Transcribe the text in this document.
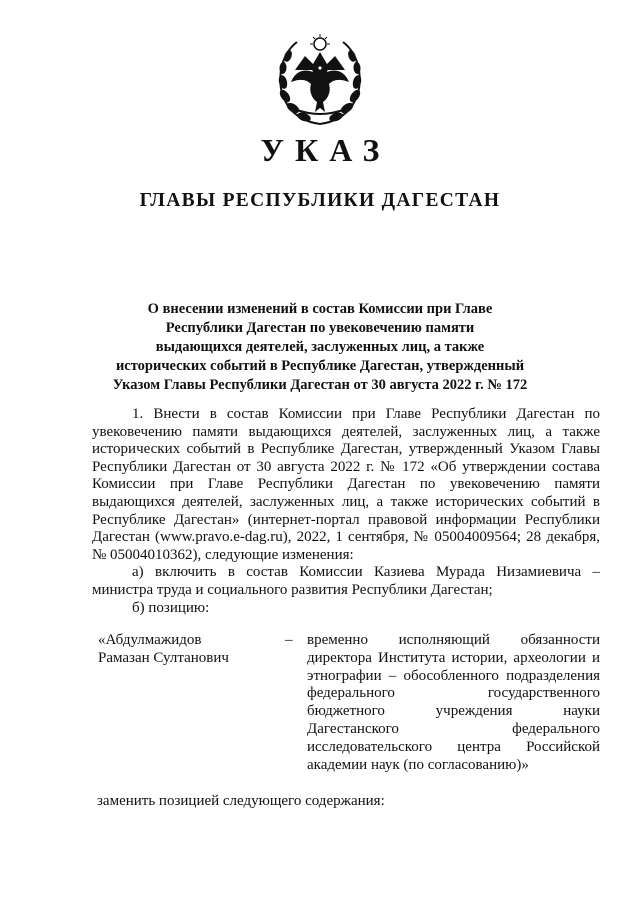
УКАЗ
ГЛАВЫ РЕСПУБЛИКИ ДАГЕСТАН
О внесении изменений в состав Комиссии при Главе
Республики Дагестан по увековечению памяти
выдающихся деятелей, заслуженных лиц, а также
исторических событий в Республике Дагестан, утвержденный
Указом Главы Республики Дагестан от 30 августа 2022 г. № 172
1. Внести в состав Комиссии при Главе Республики Дагестан по
увековечению памяти выдающихся деятелей, заслуженных лиц, а также
исторических событий в Республике Дагестан, утвержденный Указом Главы
Республики Дагестан от 30 августа 2022 г. № 172 «Об утверждении состава
Комиссии при Главе Республики Дагестан по увековечению памяти
выдающихся деятелей, заслуженных лиц, а также исторических событий в
Республике Дагестан» (интернет-портал правовой информации Республики
Дагестан (www.pravo.e-dag.ru), 2022, 1 сентября, № 05004009564; 28 декабря,
№ 05004010362), следующие изменения:
а) включить в состав Комиссии Казиева Мурада Низамиевича –
министра труда и социального развития Республики Дагестан;
б) позицию:
«Абдулмажидов
Рамазан Султанович
– временно исполняющий обязанности
директора Института истории, археологии и
этнографии – обособленного подразделения
федерального государственного
бюджетного учреждения науки
Дагестанского федерального
исследовательского центра Российской
академии наук (по согласованию)»
заменить позицией следующего содержания:
